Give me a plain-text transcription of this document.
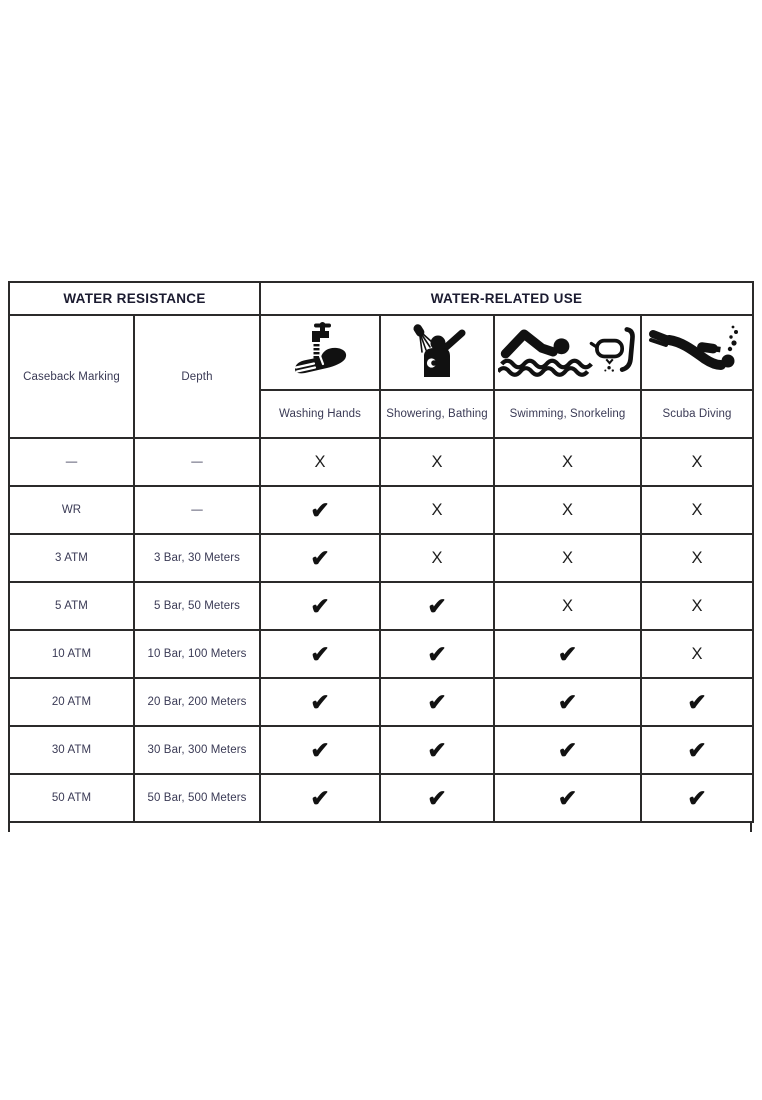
WATER RESISTANCE		WATER-RELATED USE			
Caseback Marking	Depth				
		Washing Hands	Showering, Bathing	Swimming, Snorkeling	Scuba Diving
—	—	X	X	X	X
WR	—	✔	X	X	X
3 ATM	3 Bar, 30 Meters	✔	X	X	X
5 ATM	5 Bar, 50 Meters	✔	✔	X	X
10 ATM	10 Bar, 100 Meters	✔	✔	✔	X
20 ATM	20 Bar, 200 Meters	✔	✔	✔	✔
30 ATM	30 Bar, 300 Meters	✔	✔	✔	✔
50 ATM	50 Bar, 500 Meters	✔	✔	✔	✔
